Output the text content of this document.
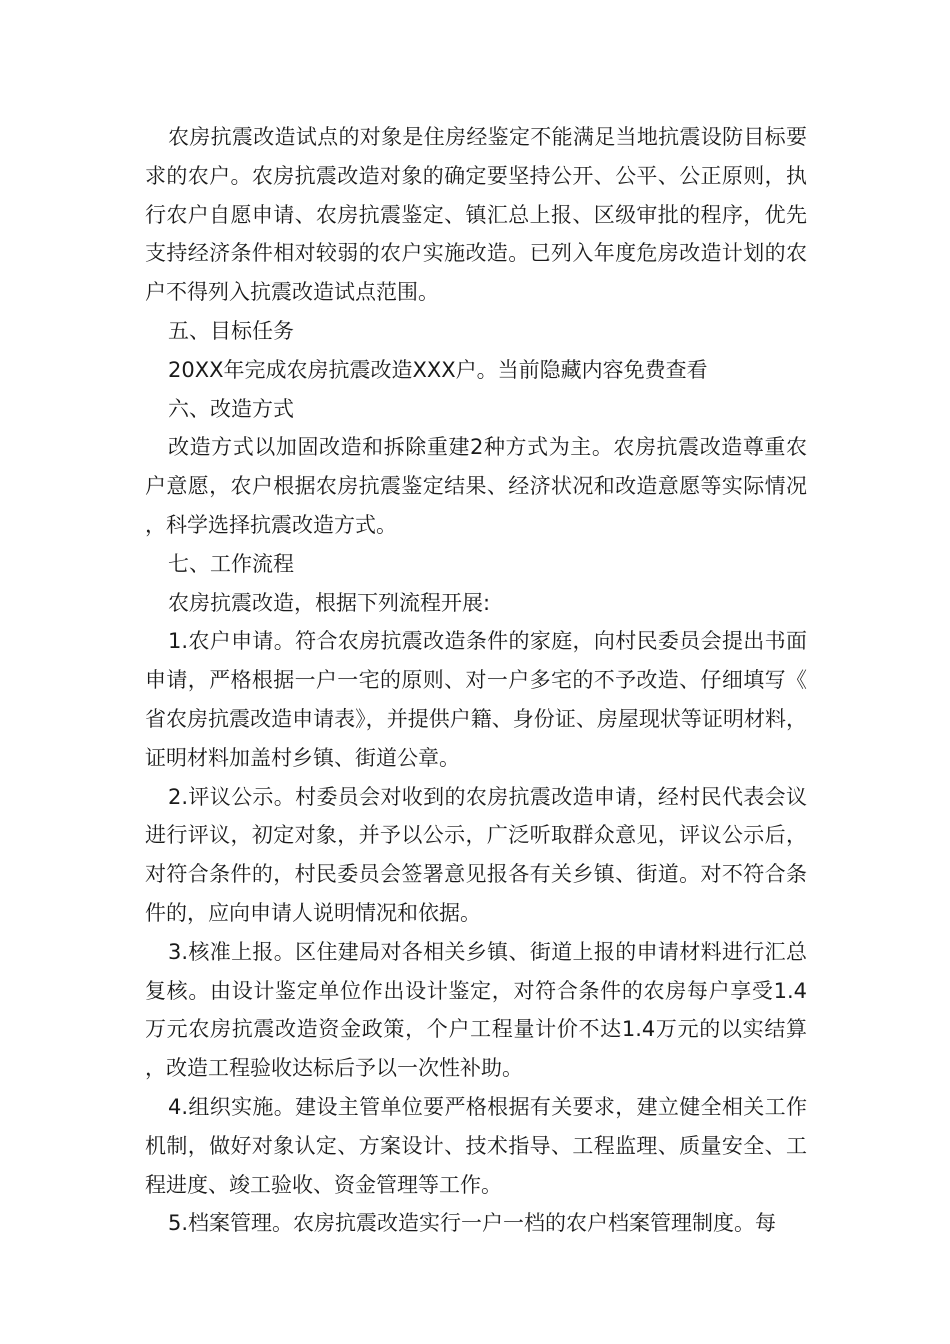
农房抗震改造试点的对象是住房经鉴定不能满足当地抗震设防目标要求的农户。农房抗震改造对象的确定要坚持公开、公平、公正原则，执行农户自愿申请、农房抗震鉴定、镇汇总上报、区级审批的程序，优先支持经济条件相对较弱的农户实施改造。已列入年度危房改造计划的农户不得列入抗震改造试点范围。

五、目标任务

20XX年完成农房抗震改造XXX户。当前隐藏内容免费查看

六、改造方式

改造方式以加固改造和拆除重建2种方式为主。农房抗震改造尊重农户意愿，农户根据农房抗震鉴定结果、经济状况和改造意愿等实际情况，科学选择抗震改造方式。

七、工作流程

农房抗震改造，根据下列流程开展:

1.农户申请。符合农房抗震改造条件的家庭，向村民委员会提出书面申请，严格根据一户一宅的原则、对一户多宅的不予改造、仔细填写《省农房抗震改造申请表》，并提供户籍、身份证、房屋现状等证明材料，证明材料加盖村乡镇、街道公章。

2.评议公示。村委员会对收到的农房抗震改造申请，经村民代表会议进行评议，初定对象，并予以公示，广泛听取群众意见，评议公示后，对符合条件的，村民委员会签署意见报各有关乡镇、街道。对不符合条件的，应向申请人说明情况和依据。

3.核准上报。区住建局对各相关乡镇、街道上报的申请材料进行汇总复核。由设计鉴定单位作出设计鉴定，对符合条件的农房每户享受1.4万元农房抗震改造资金政策，个户工程量计价不达1.4万元的以实结算，改造工程验收达标后予以一次性补助。

4.组织实施。建设主管单位要严格根据有关要求，建立健全相关工作机制，做好对象认定、方案设计、技术指导、工程监理、质量安全、工程进度、竣工验收、资金管理等工作。

5.档案管理。农房抗震改造实行一户一档的农户档案管理制度。每
